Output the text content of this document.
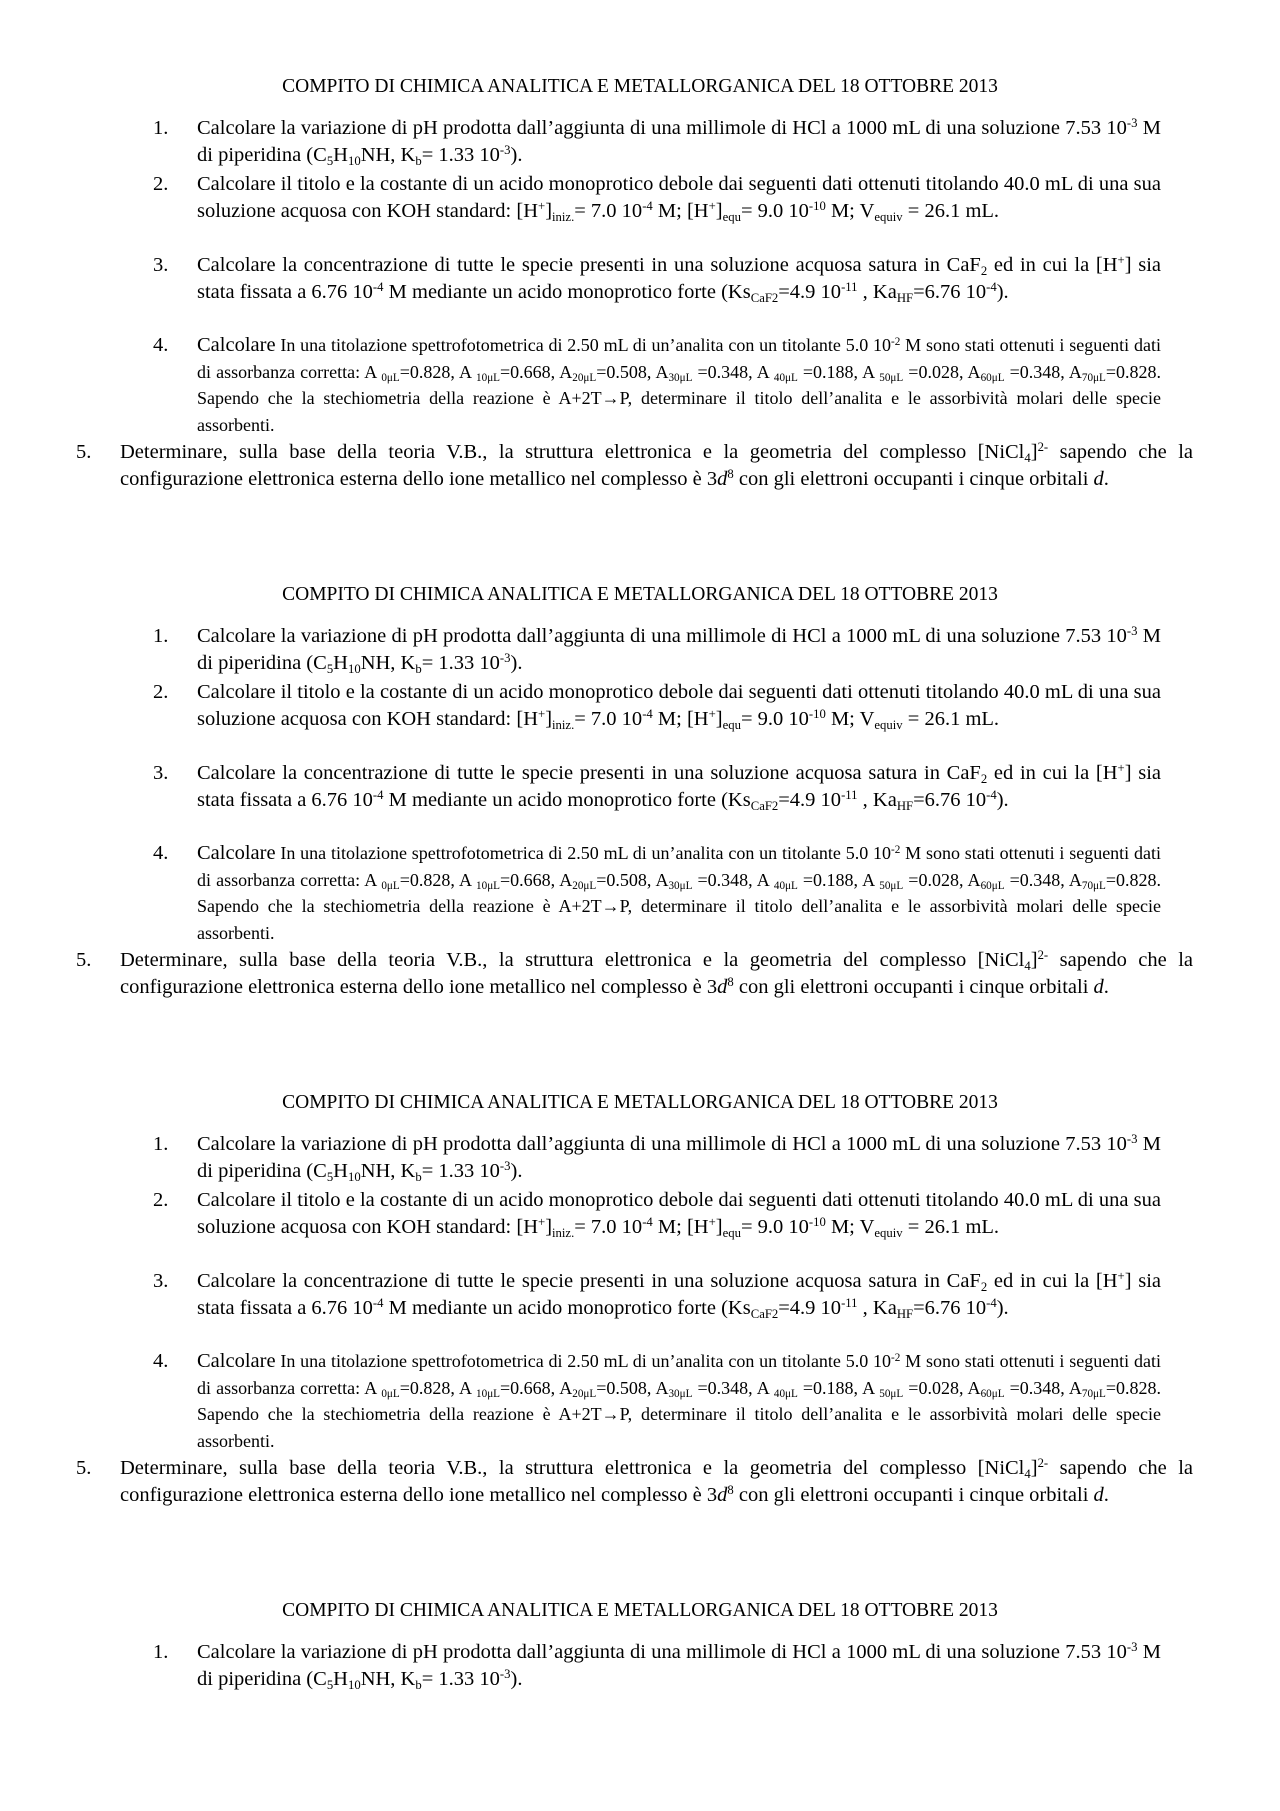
COMPITO DI CHIMICA ANALITICA E METALLORGANICA DEL 18 OTTOBRE 2013
1.	Calcolare la variazione di pH prodotta dall’aggiunta di una millimole di HCl a 1000 mL di una soluzione 7.53 $10^{-3}$ M di piperidina ($C_5H_{10}NH$, $K_b= 1.33$ $10^{-3}$).
2.	Calcolare il titolo e la costante di un acido monoprotico debole dai seguenti dati ottenuti titolando 40.0 mL di una sua soluzione acquosa con KOH standard: $[H^+]_{iniz.}= 7.0$ $10^{-4}$ M; $[H^+]_{equ}= 9.0$ $10^{-10}$ M; $V_{equiv} = 26.1$ mL.
3.	Calcolare la concentrazione di tutte le specie presenti in una soluzione acquosa satura in CaF$_2$ ed in cui la [H+] sia stata fissata a 6.76 $10^{-4}$ M mediante un acido monoprotico forte ($Ks_{CaF2}=4.9$ $10^{-11}$ , $Ka_{HF}=6.76$ $10^{-4}$).
4.	Calcolare In una titolazione spettrofotometrica di 2.50 mL di un’analita con un titolante 5.0 $10^{-2}$ M sono stati ottenuti i seguenti dati di assorbanza corretta: A $_{0\mu L}$=0.828, A $_{10\mu L}$=0.668, $A_{20\mu L}=0.508$, $A_{30\mu L} =0.348$, A $_{40\mu L}$ =0.188, A $_{50\mu L}$ =0.028, $A_{60\mu L} =0.348$, $A_{70\mu L}=0.828$. Sapendo che la stechiometria della reazione è A+2T→P, determinare il titolo dell’analita e le assorbività molari delle specie assorbenti.
5.	Determinare, sulla base della teoria V.B., la struttura elettronica e la geometria del complesso [NiCl$_4$]$^{2-}$ sapendo che la configurazione elettronica esterna dello ione metallico nel complesso è $3d^8$ con gli elettroni occupanti i cinque orbitali d.
COMPITO DI CHIMICA ANALITICA E METALLORGANICA DEL 18 OTTOBRE 2013
1.	Calcolare la variazione di pH prodotta dall’aggiunta di una millimole di HCl a 1000 mL di una soluzione 7.53 $10^{-3}$ M di piperidina ($C_5H_{10}NH$, $K_b= 1.33$ $10^{-3}$).
2.	Calcolare il titolo e la costante di un acido monoprotico debole dai seguenti dati ottenuti titolando 40.0 mL di una sua soluzione acquosa con KOH standard: $[H^+]_{iniz.}= 7.0$ $10^{-4}$ M; $[H^+]_{equ}= 9.0$ $10^{-10}$ M; $V_{equiv} = 26.1$ mL.
3.	Calcolare la concentrazione di tutte le specie presenti in una soluzione acquosa satura in CaF$_2$ ed in cui la [H+] sia stata fissata a 6.76 $10^{-4}$ M mediante un acido monoprotico forte ($Ks_{CaF2}=4.9$ $10^{-11}$ , $Ka_{HF}=6.76$ $10^{-4}$).
4.	Calcolare In una titolazione spettrofotometrica di 2.50 mL di un’analita con un titolante 5.0 $10^{-2}$ M sono stati ottenuti i seguenti dati di assorbanza corretta: A $_{0\mu L}$=0.828, A $_{10\mu L}$=0.668, $A_{20\mu L}=0.508$, $A_{30\mu L} =0.348$, A $_{40\mu L}$ =0.188, A $_{50\mu L}$ =0.028, $A_{60\mu L} =0.348$, $A_{70\mu L}=0.828$. Sapendo che la stechiometria della reazione è A+2T→P, determinare il titolo dell’analita e le assorbività molari delle specie assorbenti.
5.	Determinare, sulla base della teoria V.B., la struttura elettronica e la geometria del complesso [NiCl$_4$]$^{2-}$ sapendo che la configurazione elettronica esterna dello ione metallico nel complesso è $3d^8$ con gli elettroni occupanti i cinque orbitali d.
COMPITO DI CHIMICA ANALITICA E METALLORGANICA DEL 18 OTTOBRE 2013
1.	Calcolare la variazione di pH prodotta dall’aggiunta di una millimole di HCl a 1000 mL di una soluzione 7.53 $10^{-3}$ M di piperidina ($C_5H_{10}NH$, $K_b= 1.33$ $10^{-3}$).
2.	Calcolare il titolo e la costante di un acido monoprotico debole dai seguenti dati ottenuti titolando 40.0 mL di una sua soluzione acquosa con KOH standard: $[H^+]_{iniz.}= 7.0$ $10^{-4}$ M; $[H^+]_{equ}= 9.0$ $10^{-10}$ M; $V_{equiv} = 26.1$ mL.
3.	Calcolare la concentrazione di tutte le specie presenti in una soluzione acquosa satura in CaF$_2$ ed in cui la [H+] sia stata fissata a 6.76 $10^{-4}$ M mediante un acido monoprotico forte ($Ks_{CaF2}=4.9$ $10^{-11}$ , $Ka_{HF}=6.76$ $10^{-4}$).
4.	Calcolare In una titolazione spettrofotometrica di 2.50 mL di un’analita con un titolante 5.0 $10^{-2}$ M sono stati ottenuti i seguenti dati di assorbanza corretta: A $_{0\mu L}$=0.828, A $_{10\mu L}$=0.668, $A_{20\mu L}=0.508$, $A_{30\mu L} =0.348$, A $_{40\mu L}$ =0.188, A $_{50\mu L}$ =0.028, $A_{60\mu L} =0.348$, $A_{70\mu L}=0.828$. Sapendo che la stechiometria della reazione è A+2T→P, determinare il titolo dell’analita e le assorbività molari delle specie assorbenti.
5.	Determinare, sulla base della teoria V.B., la struttura elettronica e la geometria del complesso [NiCl$_4$]$^{2-}$ sapendo che la configurazione elettronica esterna dello ione metallico nel complesso è $3d^8$ con gli elettroni occupanti i cinque orbitali d.
COMPITO DI CHIMICA ANALITICA E METALLORGANICA DEL 18 OTTOBRE 2013
1.	Calcolare la variazione di pH prodotta dall’aggiunta di una millimole di HCl a 1000 mL di una soluzione 7.53 $10^{-3}$ M di piperidina ($C_5H_{10}NH$, $K_b= 1.33$ $10^{-3}$).
